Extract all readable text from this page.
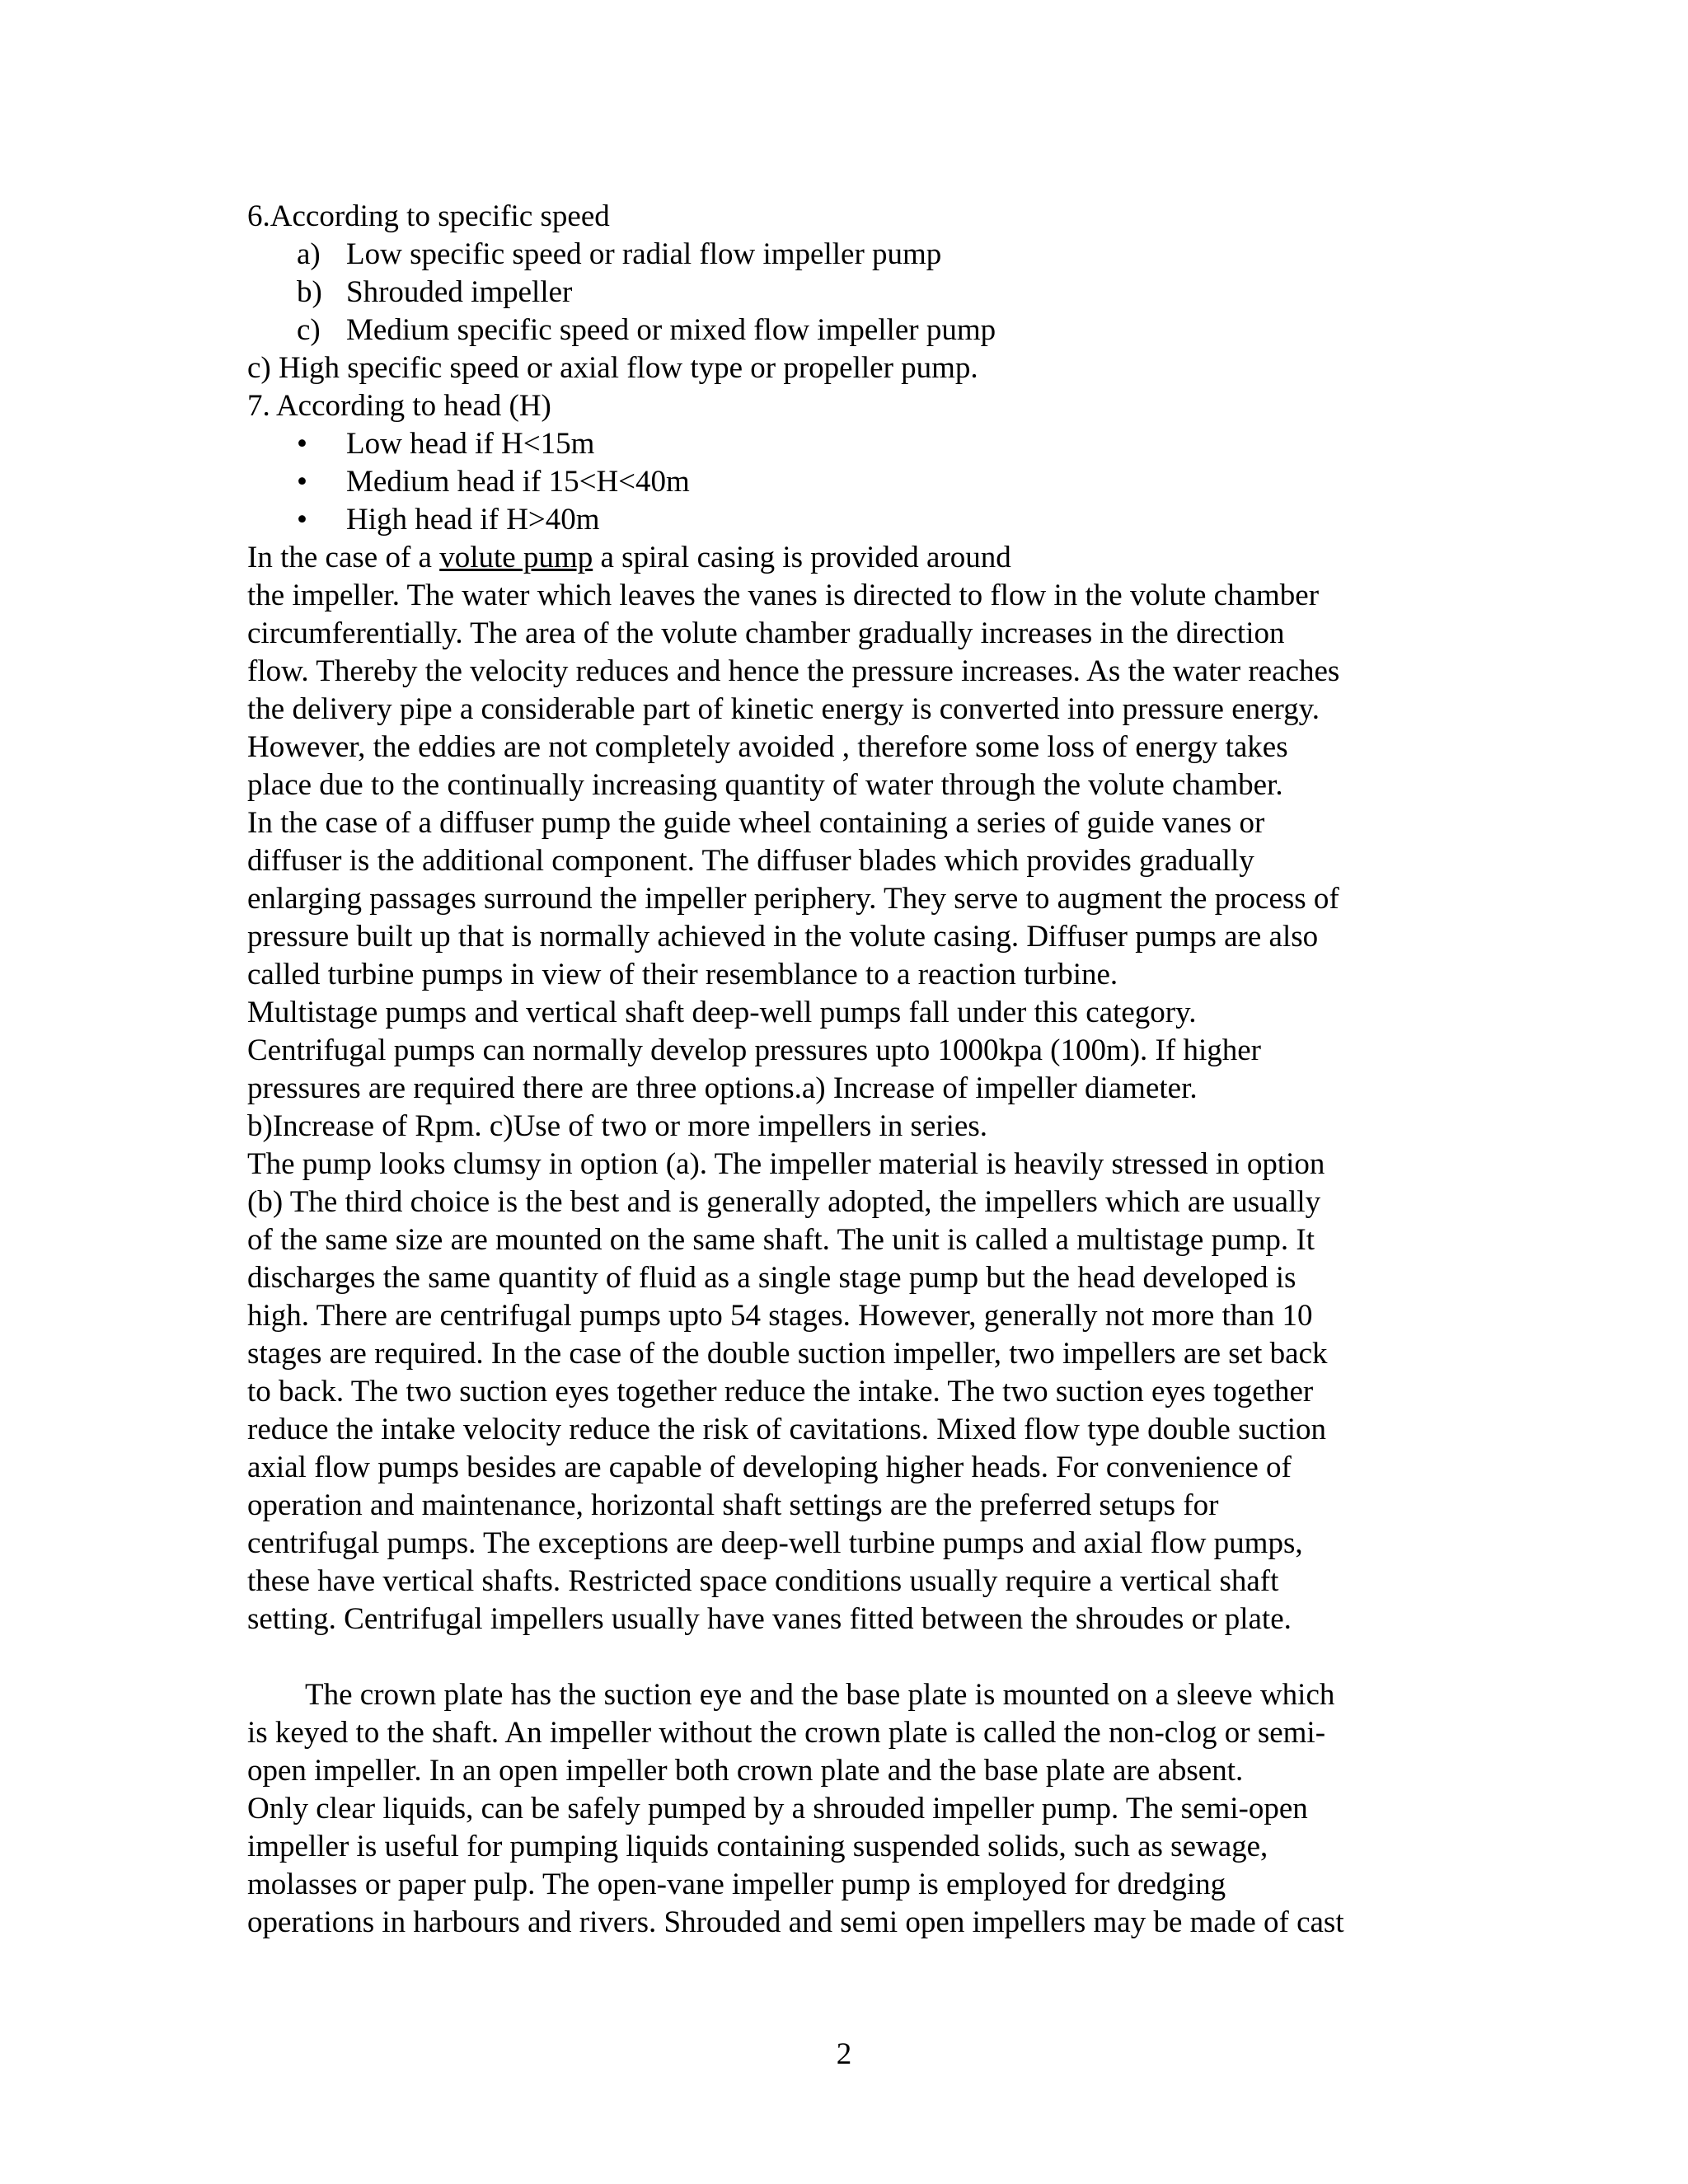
6.According to specific speed
a) Low specific speed or radial flow impeller pump
b) Shrouded impeller
c) Medium specific speed or mixed flow impeller pump
c) High specific speed or axial flow type or propeller pump.
7. According to head (H)
• Low head if H<15m
• Medium head if 15<H<40m
• High head if H>40m
In the case of a volute pump a spiral casing is provided around
the impeller. The water which leaves the vanes is directed to flow in the volute chamber
circumferentially. The area of the volute chamber gradually increases in the direction
flow. Thereby the velocity reduces and hence the pressure increases. As the water reaches
the delivery pipe a considerable part of kinetic energy is converted into pressure energy.
However, the eddies are not completely avoided , therefore some loss of energy takes
place due to the continually increasing quantity of water through the volute chamber.
In the case of a diffuser pump the guide wheel containing a series of guide vanes or
diffuser is the additional component. The diffuser blades which provides gradually
enlarging passages surround the impeller periphery. They serve to augment the process of
pressure built up that is normally achieved in the volute casing. Diffuser pumps are also
called turbine pumps in view of their resemblance to a reaction turbine.
Multistage pumps and vertical shaft deep-well pumps fall under this category.
Centrifugal pumps can normally develop pressures upto 1000kpa (100m). If higher
pressures are required there are three options.a) Increase of impeller diameter.
b)Increase of Rpm. c)Use of two or more impellers in series.
The pump looks clumsy in option (a). The impeller material is heavily stressed in option
(b) The third choice is the best and is generally adopted, the impellers which are usually
of the same size are mounted on the same shaft. The unit is called a multistage pump. It
discharges the same quantity of fluid as a single stage pump but the head developed is
high. There are centrifugal pumps upto 54 stages. However, generally not more than 10
stages are required. In the case of the double suction impeller, two impellers are set back
to back. The two suction eyes together reduce the intake. The two suction eyes together
reduce the intake velocity reduce the risk of cavitations. Mixed flow type double suction
axial flow pumps besides are capable of developing higher heads. For convenience of
operation and maintenance, horizontal shaft settings are the preferred setups for
centrifugal pumps. The exceptions are deep-well turbine pumps and axial flow pumps,
these have vertical shafts. Restricted space conditions usually require a vertical shaft
setting. Centrifugal impellers usually have vanes fitted between the shroudes or plate.
The crown plate has the suction eye and the base plate is mounted on a sleeve which
is keyed to the shaft. An impeller without the crown plate is called the non-clog or semi-
open impeller. In an open impeller both crown plate and the base plate are absent.
Only clear liquids, can be safely pumped by a shrouded impeller pump. The semi-open
impeller is useful for pumping liquids containing suspended solids, such as sewage,
molasses or paper pulp. The open-vane impeller pump is employed for dredging
operations in harbours and rivers. Shrouded and semi open impellers may be made of cast
2
